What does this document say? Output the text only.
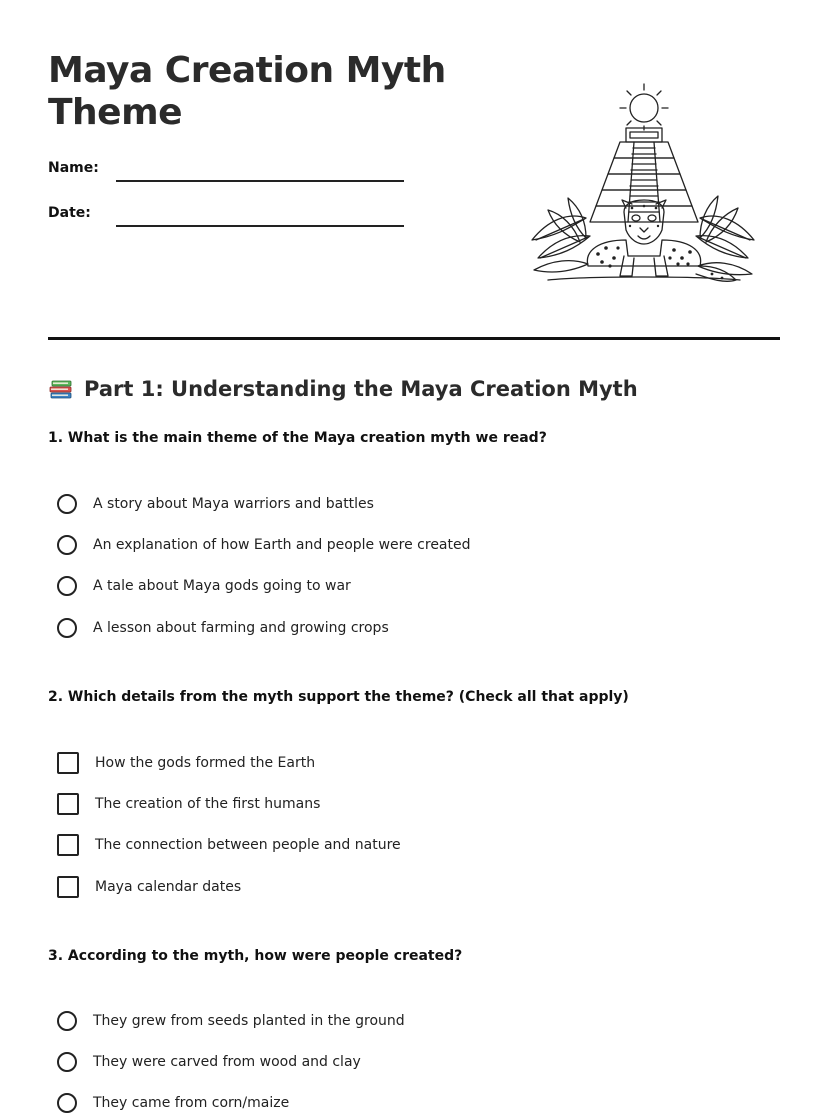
Maya Creation Myth Theme
Name:
Date:
Part 1: Understanding the Maya Creation Myth

1. What is the main theme of the Maya creation myth we read?

A story about Maya warriors and battles
An explanation of how Earth and people were created
A tale about Maya gods going to war
A lesson about farming and growing crops

2. Which details from the myth support the theme? (Check all that apply)

How the gods formed the Earth
The creation of the first humans
The connection between people and nature
Maya calendar dates

3. According to the myth, how were people created?

They grew from seeds planted in the ground
They were carved from wood and clay
They came from corn/maize
